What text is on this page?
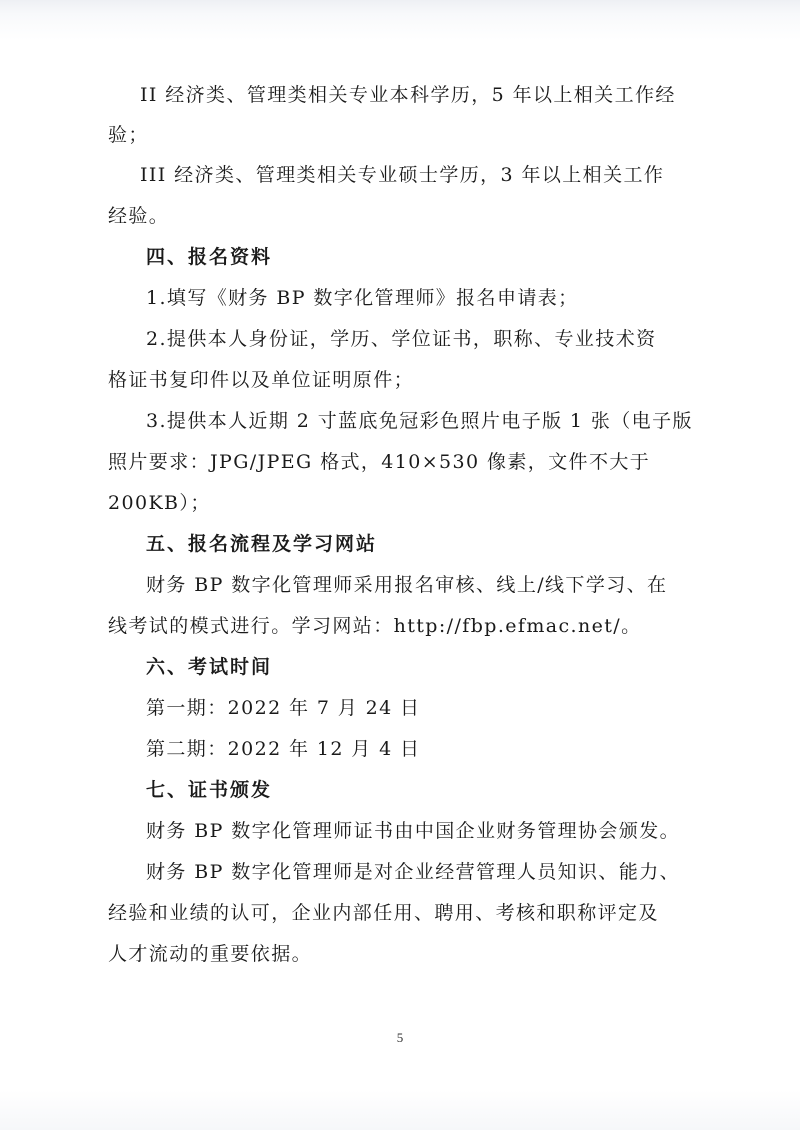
II 经济类、管理类相关专业本科学历，5 年以上相关工作经
验；
III 经济类、管理类相关专业硕士学历，3 年以上相关工作
经验。
四、报名资料
1.填写《财务 BP 数字化管理师》报名申请表；
2.提供本人身份证，学历、学位证书，职称、专业技术资
格证书复印件以及单位证明原件；
3.提供本人近期 2 寸蓝底免冠彩色照片电子版 1 张（电子版
照片要求：JPG/JPEG 格式，410×530 像素，文件不大于
200KB）；
五、报名流程及学习网站
财务 BP 数字化管理师采用报名审核、线上/线下学习、在
线考试的模式进行。学习网站：http://fbp.efmac.net/。
六、考试时间
第一期：2022 年 7 月 24 日
第二期：2022 年 12 月 4 日
七、证书颁发
财务 BP 数字化管理师证书由中国企业财务管理协会颁发。
财务 BP 数字化管理师是对企业经营管理人员知识、能力、
经验和业绩的认可，企业内部任用、聘用、考核和职称评定及
人才流动的重要依据。
5
